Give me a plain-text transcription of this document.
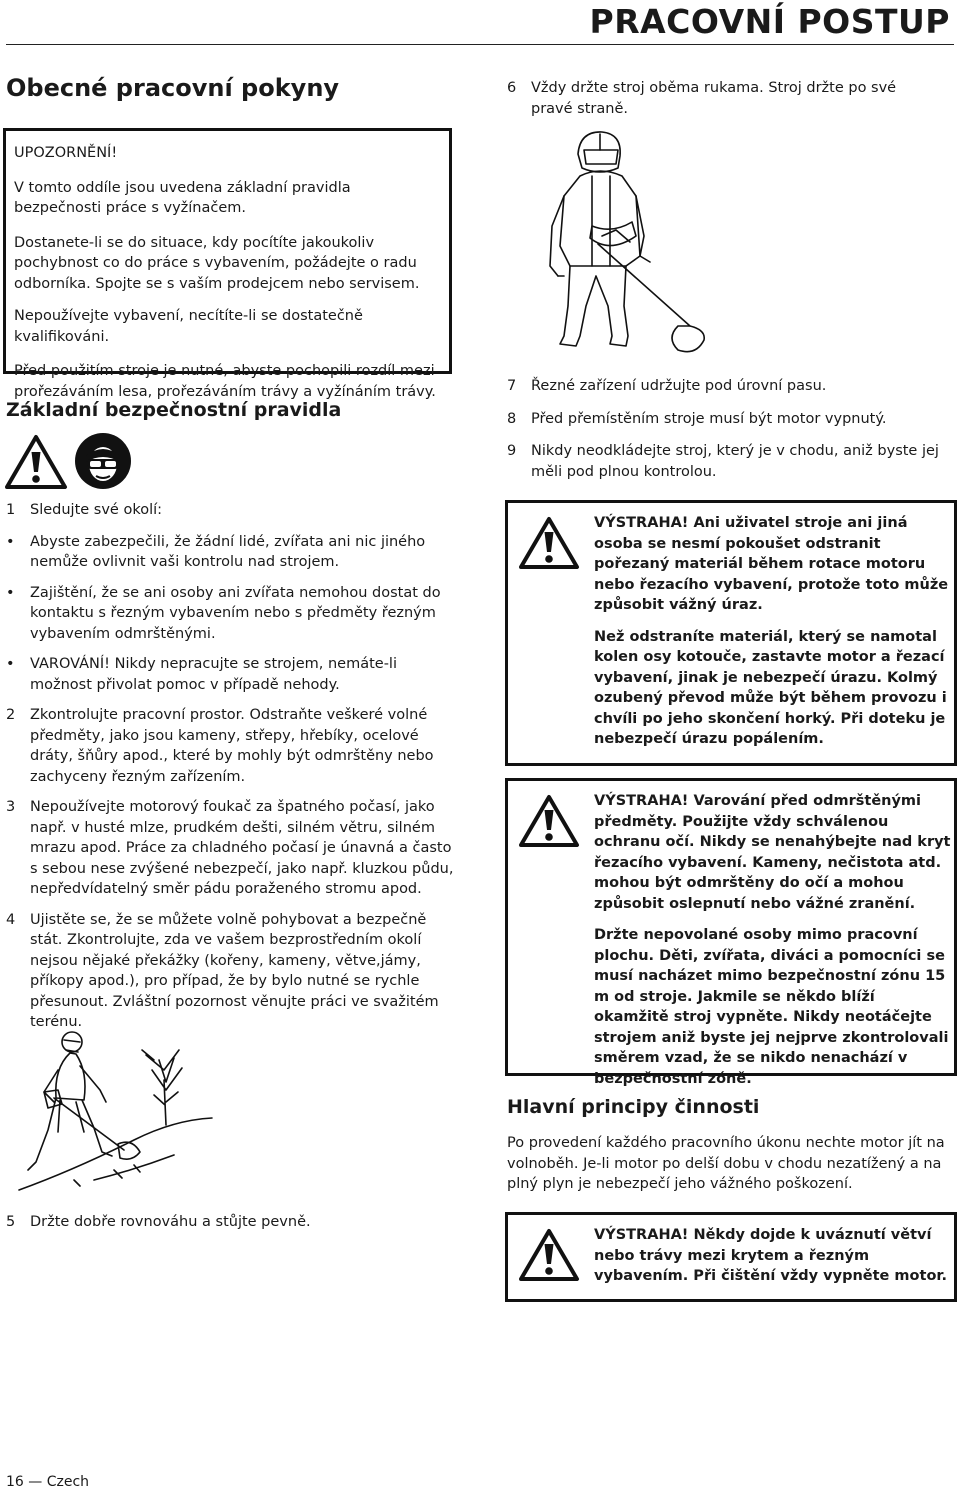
PRACOVNÍ POSTUP
Obecné pracovní pokyny
UPOZORNĚNÍ!
V tomto oddíle jsou uvedena základní pravidla bezpečnosti práce s vyžínačem.
Dostanete-li se do situace, kdy pocítíte jakoukoliv pochybnost co do práce s vybavením, požádejte o radu odborníka. Spojte se s vaším prodejcem nebo servisem.
Nepoužívejte vybavení, necítíte-li se dostatečně kvalifikováni.
Před použitím stroje je nutné, abyste pochopili rozdíl mezi prořezáváním lesa, prořezáváním trávy a vyžínáním trávy.
Základní bezpečnostní pravidla
1	Sledujte své okolí:
•	Abyste zabezpečili, že žádní lidé, zvířata ani nic jiného nemůže ovlivnit vaši kontrolu nad strojem.
•	Zajištění, že se ani osoby ani zvířata nemohou dostat do kontaktu s řezným vybavením nebo s předměty řezným vybavením odmrštěnými.
•	VAROVÁNÍ! Nikdy nepracujte se strojem, nemáte-li možnost přivolat pomoc v případě nehody.
2	Zkontrolujte pracovní prostor. Odstraňte veškeré volné předměty, jako jsou kameny, střepy, hřebíky, ocelové dráty, šňůry apod., které by mohly být odmrštěny nebo zachyceny řezným zařízením.
3	Nepoužívejte motorový foukač za špatného počasí, jako např. v husté mlze, prudkém dešti, silném větru, silném mrazu apod. Práce za chladného počasí je únavná a často s sebou nese zvýšené nebezpečí, jako např. kluzkou půdu, nepředvídatelný směr pádu poraženého stromu apod.
4	Ujistěte se, že se můžete volně pohybovat a bezpečně stát. Zkontrolujte, zda ve vašem bezprostředním okolí nejsou nějaké překážky (kořeny, kameny, větve,jámy, příkopy apod.), pro případ, že by bylo nutné se rychle přesunout. Zvláštní pozornost věnujte práci ve svažitém terénu.
5	Držte dobře rovnováhu a stůjte pevně.
6	Vždy držte stroj oběma rukama. Stroj držte po své pravé straně.
7	Řezné zařízení udržujte pod úrovní pasu.
8	Před přemístěním stroje musí být motor vypnutý.
9	Nikdy neodkládejte stroj, který je v chodu, aniž byste jej měli pod plnou kontrolou.
VÝSTRAHA! Ani uživatel stroje ani jiná osoba se nesmí pokoušet odstranit pořezaný materiál během rotace motoru nebo řezacího vybavení, protože toto může způsobit vážný úraz.
Než odstraníte materiál, který se namotal kolen osy kotouče, zastavte motor a řezací vybavení, jinak je nebezpečí úrazu. Kolmý ozubený převod může být během provozu i chvíli po jeho skončení horký. Při doteku je nebezpečí úrazu popálením.
VÝSTRAHA! Varování před odmrštěnými předměty. Použijte vždy schválenou ochranu očí. Nikdy se nenahýbejte nad kryt řezacího vybavení. Kameny, nečistota atd. mohou být odmrštěny do očí a mohou způsobit oslepnutí nebo vážné zranění.
Držte nepovolané osoby mimo pracovní plochu. Děti, zvířata, diváci a pomocníci se musí nacházet mimo bezpečnostní zónu 15 m od stroje. Jakmile se někdo blíží okamžitě stroj vypněte. Nikdy neotáčejte strojem aniž byste jej nejprve zkontrolovali směrem vzad, že se nikdo nenachází v bezpečnostní zóně.
Hlavní principy činnosti
Po provedení každého pracovního úkonu nechte motor jít na volnoběh. Je-li motor po delší dobu v chodu nezatížený a na plný plyn je nebezpečí jeho vážného poškození.
VÝSTRAHA! Někdy dojde k uváznutí větví nebo trávy mezi krytem a řezným vybavením. Při čištění vždy vypněte motor.
16 — Czech
